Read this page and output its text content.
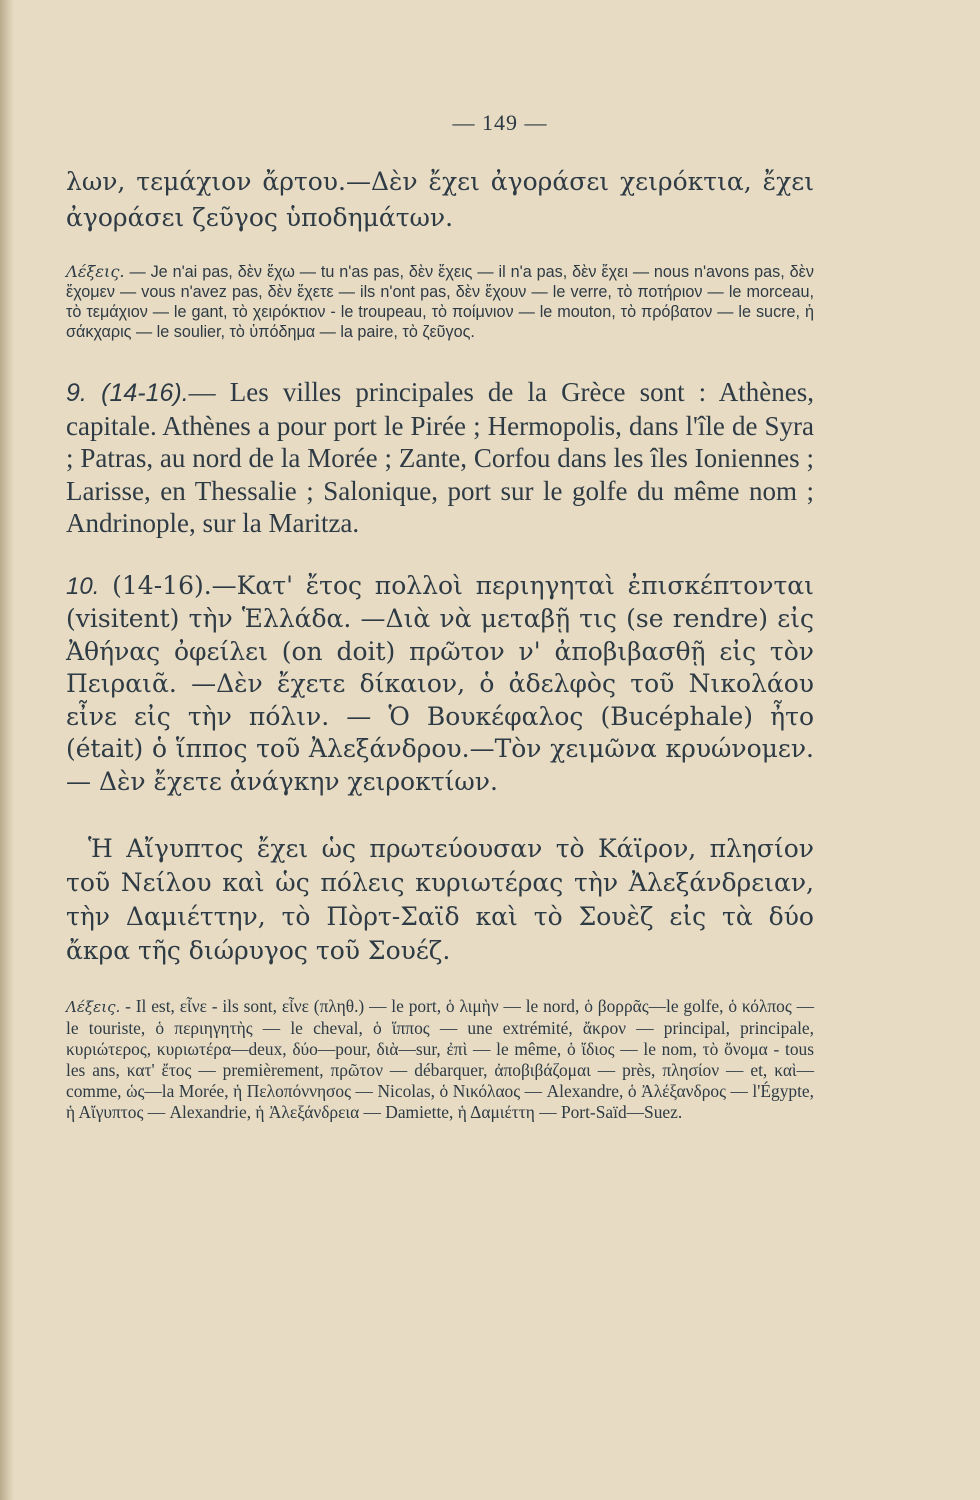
— 149 —

λων, τεμάχιον ἄρτου.—Δὲν ἔχει ἀγοράσει χειρόκτια, ἔχει ἀγοράσει ζεῦγος ὑποδημάτων.

Λέξεις. — Je n'ai pas, δὲν ἔχω — tu n'as pas, δὲν ἔχεις — il n'a pas, δὲν ἔχει — nous n'avons pas, δὲν ἔχομεν — vous n'avez pas, δὲν ἔχετε — ils n'ont pas, δὲν ἔχουν — le verre, τὸ ποτήριον — le morceau, τὸ τεμάχιον — le gant, τὸ χειρόκτιον - le troupeau, τὸ ποίμνιον — le mouton, τὸ πρόβατον — le sucre, ἡ σάκχαρις — le soulier, τὸ ὑπόδημα — la paire, τὸ ζεῦγος.

9. (14-16).— Les villes principales de la Grèce sont : Athènes, capitale. Athènes a pour port le Pirée ; Hermopolis, dans l'île de Syra ; Patras, au nord de la Morée ; Zante, Corfou dans les îles Ioniennes ; Larisse, en Thessalie ; Salonique, port sur le golfe du même nom ; Andrinople, sur la Maritza.

10. (14-16).—Κατ' ἔτος πολλοὶ περιηγηταὶ ἐπισκέπτονται (visitent) τὴν Ἑλλάδα. —Διὰ νὰ μεταβῇ τις (se rendre) εἰς Ἀθήνας ὀφείλει (on doit) πρῶτον ν' ἀποβιβασθῇ εἰς τὸν Πειραιᾶ. —Δὲν ἔχετε δίκαιον, ὁ ἀδελφὸς τοῦ Νικολάου εἶνε εἰς τὴν πόλιν. — Ὁ Βουκέφαλος (Bucéphale) ἦτο (était) ὁ ἵππος τοῦ Ἀλεξάνδρου.—Τὸν χειμῶνα κρυώνομεν. — Δὲν ἔχετε ἀνάγκην χειροκτίων.

Ἡ Αἴγυπτος ἔχει ὡς πρωτεύουσαν τὸ Κάϊρον, πλησίον τοῦ Νείλου καὶ ὡς πόλεις κυριωτέρας τὴν Ἀλεξάνδρειαν, τὴν Δαμιέττην, τὸ Πὸρτ-Σαϊδ καὶ τὸ Σουὲζ εἰς τὰ δύο ἄκρα τῆς διώρυγος τοῦ Σουέζ.

Λέξεις. - Il est, εἶνε - ils sont, εἶνε (πληθ.) — le port, ὁ λιμὴν — le nord, ὁ βορρᾶς—le golfe, ὁ κόλπος — le touriste, ὁ περιηγητὴς — le cheval, ὁ ἵππος — une extrémité, ἄκρον — principal, principale, κυριώτερος, κυριωτέρα—deux, δύο—pour, διὰ—sur, ἐπὶ — le même, ὁ ἴδιος — le nom, τὸ ὄνομα - tous les ans, κατ' ἔτος — premièrement, πρῶτον — débarquer, ἀποβιβάζομαι — près, πλησίον — et, καὶ—comme, ὡς—la Morée, ἡ Πελοπόννησος — Nicolas, ὁ Νικόλαος — Alexandre, ὁ Ἀλέξανδρος — l'Égypte, ἡ Αἴγυπτος — Alexandrie, ἡ Ἀλεξάνδρεια — Damiette, ἡ Δαμιέττη — Port-Saïd—Suez.
